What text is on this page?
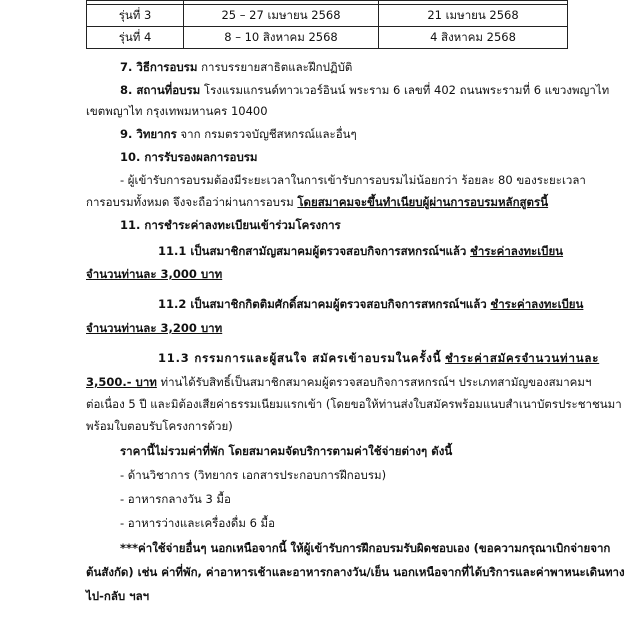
รุ่นที่ 3	25 – 27 เมษายน 2568	21 เมษายน 2568
รุ่นที่ 4	8 – 10 สิงหาคม 2568	4 สิงหาคม 2568
7. วิธีการอบรม การบรรยายสาธิตและฝึกปฏิบัติ
8. สถานที่อบรม โรงแรมแกรนด์ทาวเวอร์อินน์ พระราม 6 เลขที่ 402 ถนนพระรามที่ 6 แขวงพญาไท
เขตพญาไท กรุงเทพมหานคร 10400
9. วิทยากร จาก กรมตรวจบัญชีสหกรณ์และอื่นๆ
10. การรับรองผลการอบรม
- ผู้เข้ารับการอบรมต้องมีระยะเวลาในการเข้ารับการอบรมไม่น้อยกว่า ร้อยละ 80 ของระยะเวลา
การอบรมทั้งหมด จึงจะถือว่าผ่านการอบรม โดยสมาคมจะขึ้นทำเนียบผู้ผ่านการอบรมหลักสูตรนี้
11. การชำระค่าลงทะเบียนเข้าร่วมโครงการ
11.1 เป็นสมาชิกสามัญสมาคมผู้ตรวจสอบกิจการสหกรณ์ฯแล้ว ชำระค่าลงทะเบียน
จำนวนท่านละ 3,000 บาท
11.2 เป็นสมาชิกกิตติมศักดิ์สมาคมผู้ตรวจสอบกิจการสหกรณ์ฯแล้ว ชำระค่าลงทะเบียน
จำนวนท่านละ 3,200 บาท
11.3 กรรมการและผู้สนใจ สมัครเข้าอบรมในครั้งนี้ ชำระค่าสมัครจำนวนท่านละ
3,500.- บาท ท่านได้รับสิทธิ์เป็นสมาชิกสมาคมผู้ตรวจสอบกิจการสหกรณ์ฯ ประเภทสามัญของสมาคมฯ
ต่อเนื่อง 5 ปี และมิต้องเสียค่าธรรมเนียมแรกเข้า (โดยขอให้ท่านส่งใบสมัครพร้อมแนบสำเนาบัตรประชาชนมา
พร้อมใบตอบรับโครงการด้วย)
ราคานี้ไม่รวมค่าที่พัก โดยสมาคมจัดบริการตามค่าใช้จ่ายต่างๆ ดังนี้
- ด้านวิชาการ (วิทยากร เอกสารประกอบการฝึกอบรม)
- อาหารกลางวัน 3 มื้อ
- อาหารว่างและเครื่องดื่ม 6 มื้อ
***ค่าใช้จ่ายอื่นๆ นอกเหนือจากนี้ ให้ผู้เข้ารับการฝึกอบรมรับผิดชอบเอง (ขอความกรุณาเบิกจ่ายจาก
ต้นสังกัด) เช่น ค่าที่พัก, ค่าอาหารเช้าและอาหารกลางวัน/เย็น นอกเหนือจากที่ได้บริการและค่าพาหนะเดินทาง
ไป-กลับ ฯลฯ
